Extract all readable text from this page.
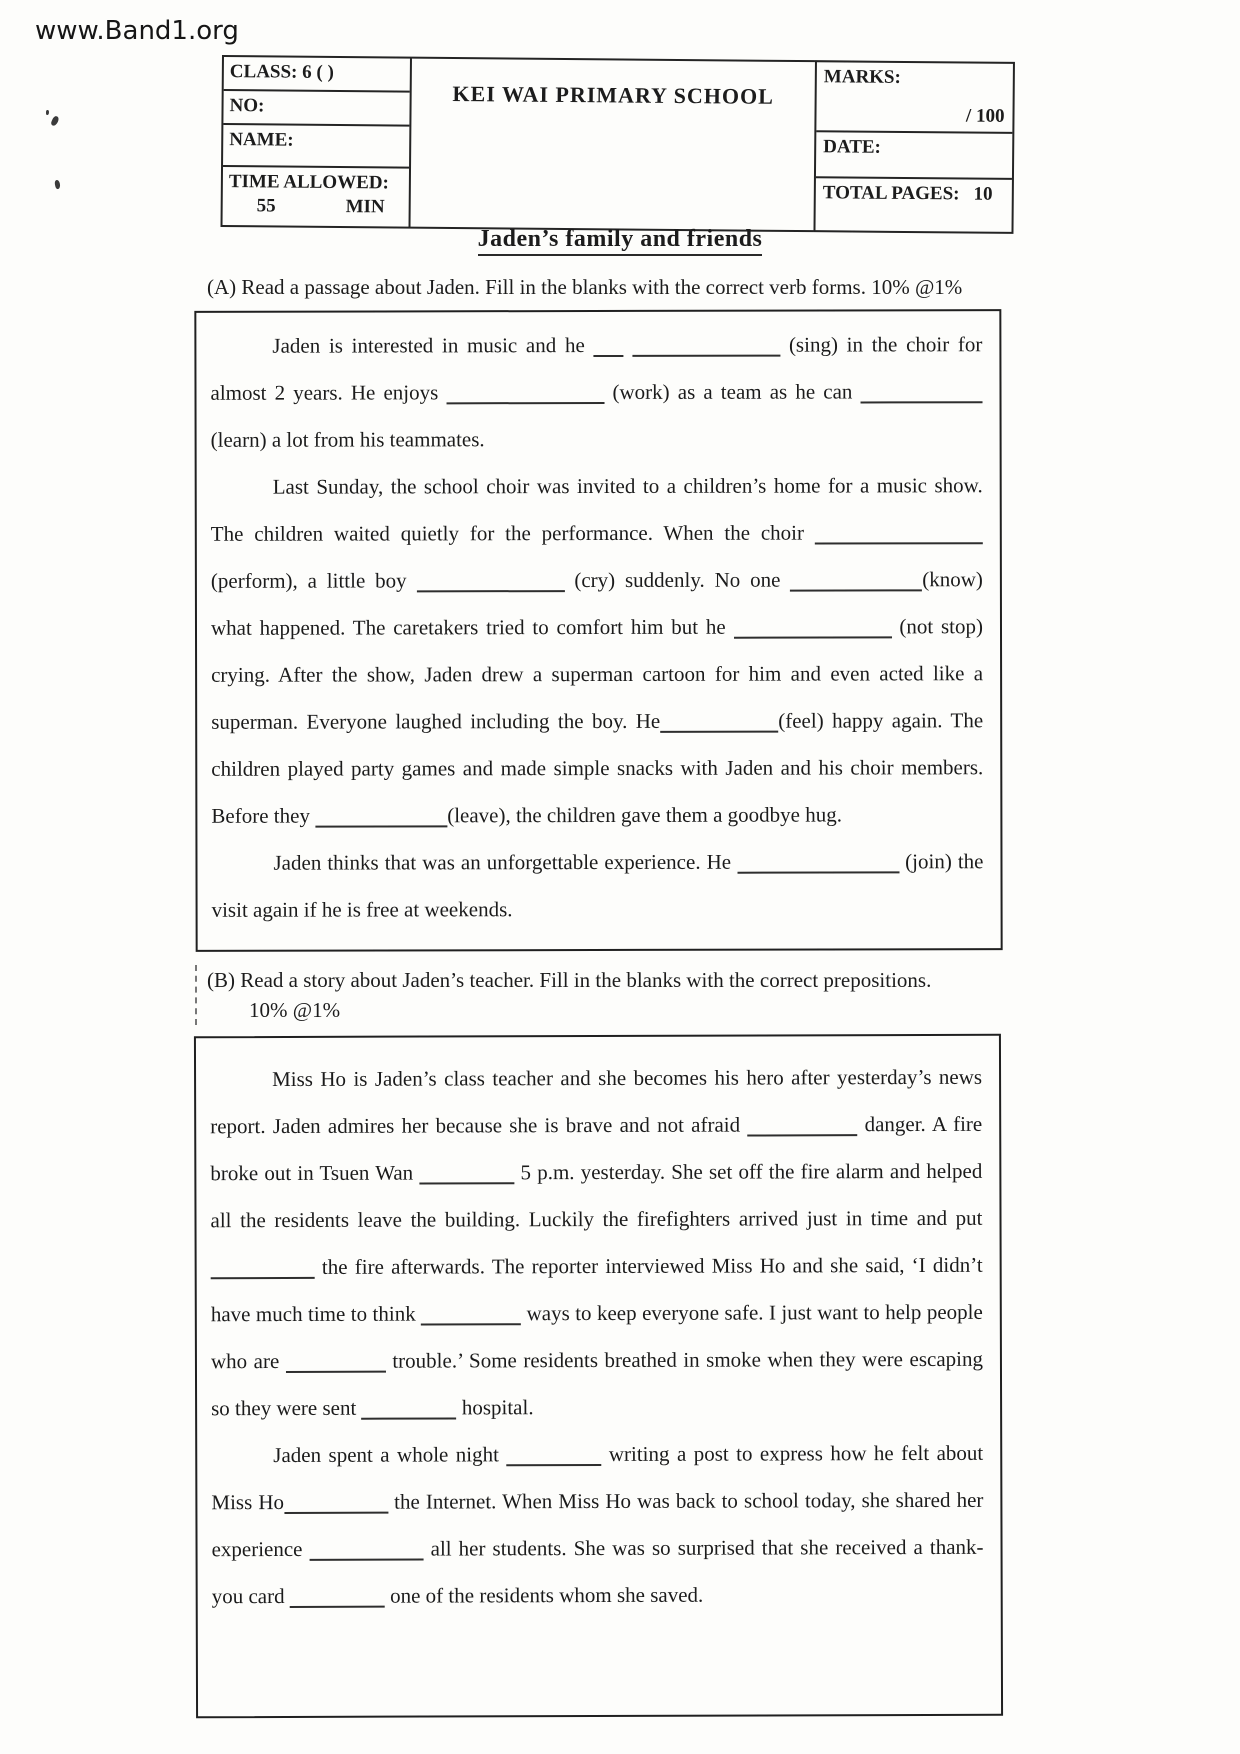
www.Band1.org
CLASS: 6 ( )
NO:
NAME:
TIME ALLOWED:
55	MIN
KEI WAI PRIMARY SCHOOL
MARKS:
/ 100
DATE:
TOTAL PAGES: 10
Jaden’s family and friends
(A) Read a passage about Jaden. Fill in the blanks with the correct verb forms. 10% @1%

Jaden is interested in music and he	(sing) in the choir for almost 2 years. He enjoys	(work) as a team as he can  (learn) a lot from his teammates.

Last Sunday, the school choir was invited to a children’s home for a music show. The children waited quietly for the performance. When the choir  (perform), a little boy	(cry) suddenly. No one	(know) what happened. The caretakers tried to comfort him but he	(not stop) crying. After the show, Jaden drew a superman cartoon for him and even acted like a superman. Everyone laughed including the boy. He	(feel) happy again. The children played party games and made simple snacks with Jaden and his choir members. Before they	(leave), the children gave them a goodbye hug.

Jaden thinks that was an unforgettable experience. He	(join) the visit again if he is free at weekends.

(B) Read a story about Jaden’s teacher. Fill in the blanks with the correct prepositions.
10% @1%

Miss Ho is Jaden’s class teacher and she becomes his hero after yesterday’s news report. Jaden admires her because she is brave and not afraid	danger. A fire broke out in Tsuen Wan	5 p.m. yesterday. She set off the fire alarm and helped all the residents leave the building. Luckily the firefighters arrived just in time and put  the fire afterwards. The reporter interviewed Miss Ho and she said, ‘I didn’t have much time to think	ways to keep everyone safe. I just want to help people who are	trouble.’ Some residents breathed in smoke when they were escaping so they were sent	hospital.

Jaden spent a whole night	writing a post to express how he felt about Miss Ho	the Internet. When Miss Ho was back to school today, she shared her experience	all her students. She was so surprised that she received a thank-you card	one of the residents whom she saved.
